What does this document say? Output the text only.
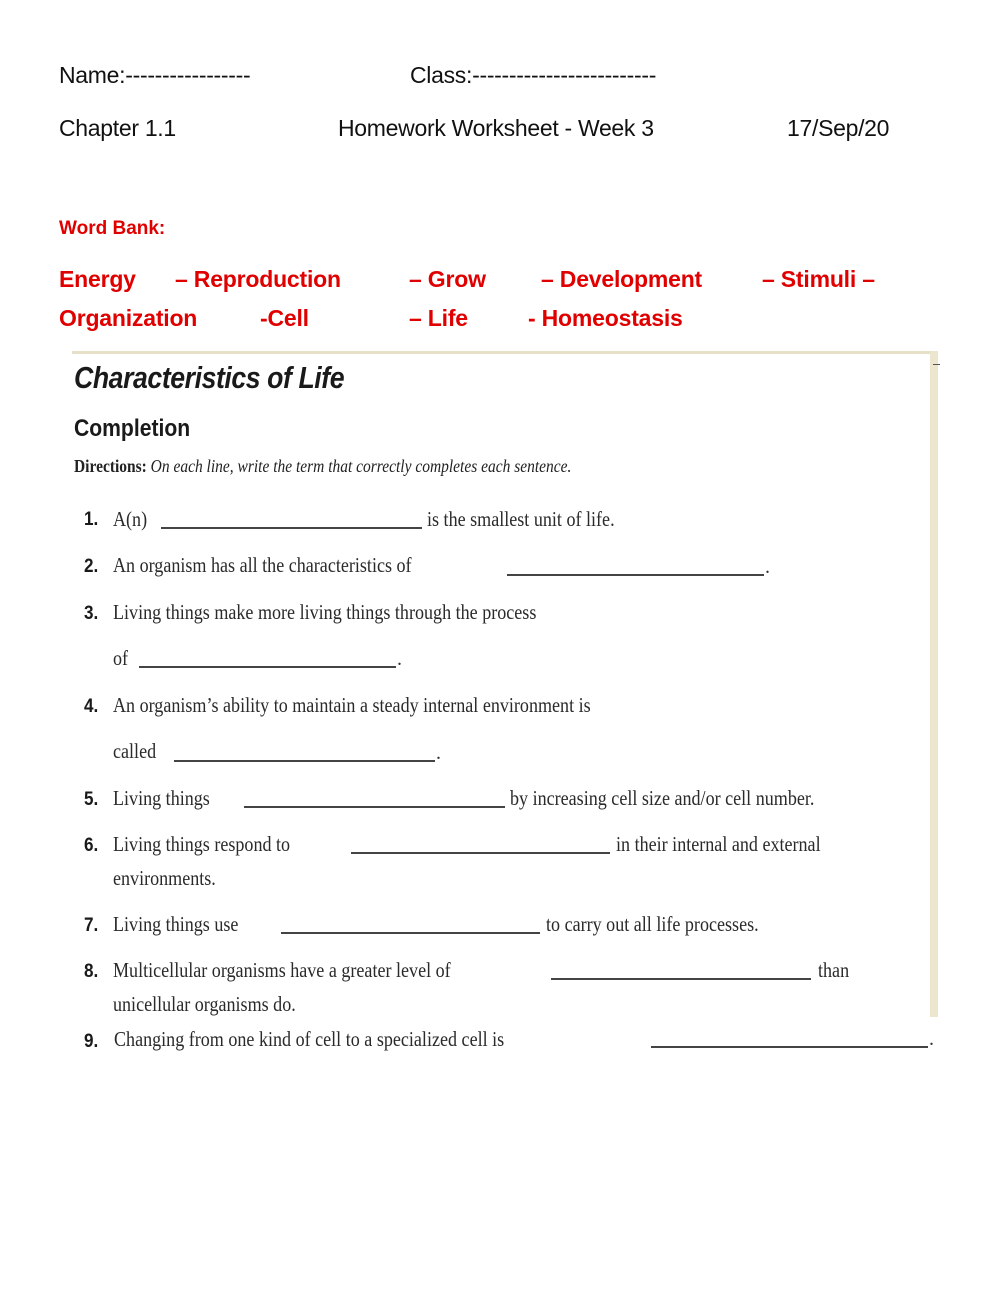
Name:-----------------	Class:-------------------------
Chapter 1.1	Homework Worksheet - Week 3	17/Sep/20
Word Bank:
Energy – Reproduction	– Grow – Development	– Stimuli –
Organization	-Cell	– Life	- Homeostasis
Characteristics of Life
Completion
Directions: On each line, write the term that correctly completes each sentence.
1. A(n)	is the smallest unit of life.
2. An organism has all the characteristics of	.
3. Living things make more living things through the process
of	.
4. An organism’s ability to maintain a steady internal environment is
called	.
5. Living things	by increasing cell size and/or cell number.
6. Living things respond to	in their internal and external
environments.
7. Living things use	to carry out all life processes.
8. Multicellular organisms have a greater level of	than
unicellular organisms do.
9. Changing from one kind of cell to a specialized cell is	.
